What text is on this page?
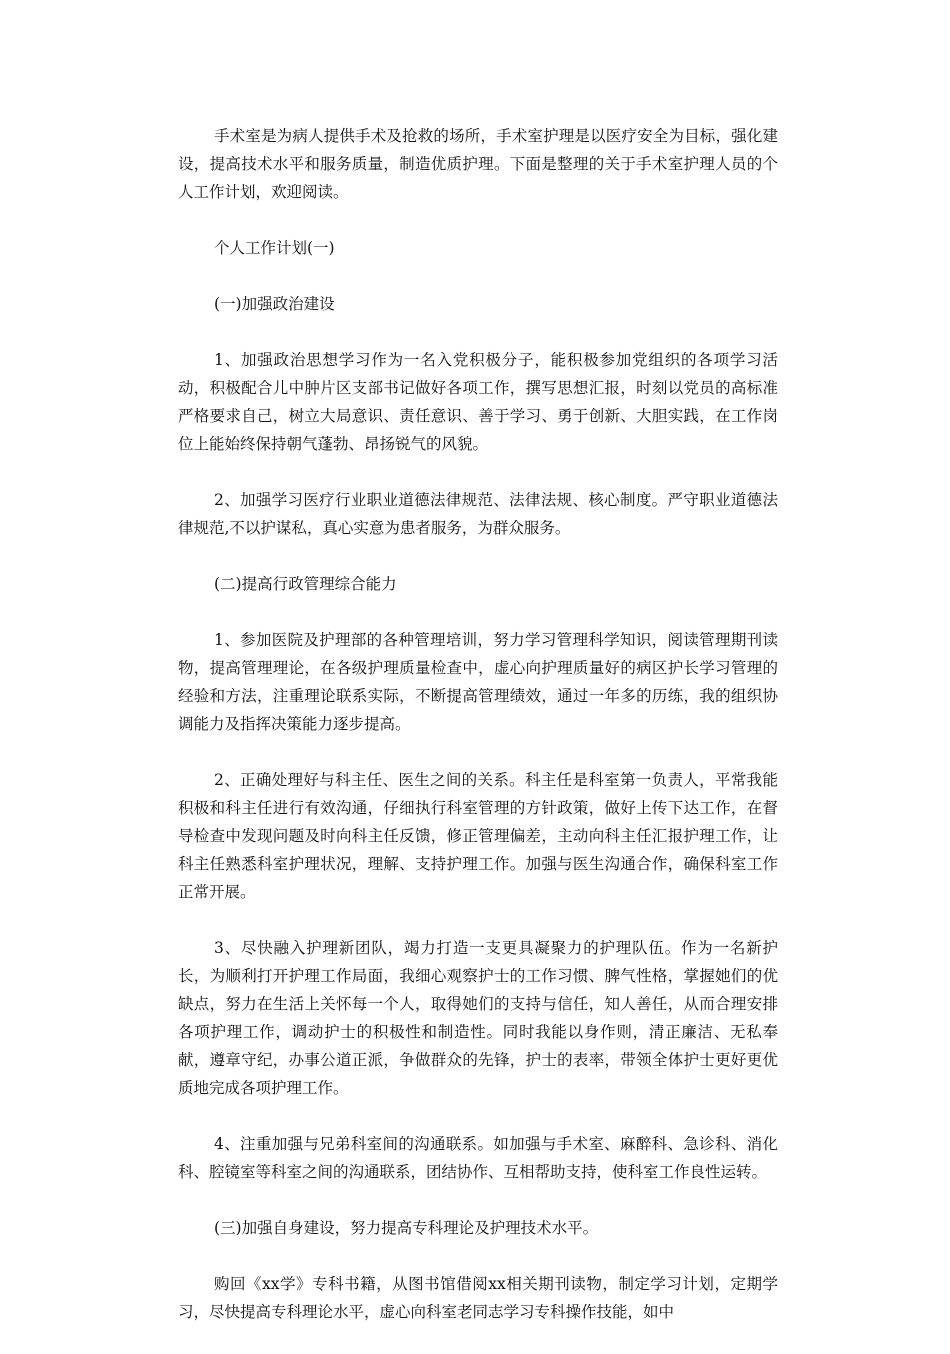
手术室是为病人提供手术及抢救的场所，手术室护理是以医疗安全为目标，强化建设，提高技术水平和服务质量，制造优质护理。下面是整理的关于手术室护理人员的个人工作计划，欢迎阅读。

个人工作计划(一)

(一)加强政治建设

1、加强政治思想学习作为一名入党积极分子，能积极参加党组织的各项学习活动，积极配合儿中肿片区支部书记做好各项工作，撰写思想汇报，时刻以党员的高标准严格要求自己，树立大局意识、责任意识、善于学习、勇于创新、大胆实践，在工作岗位上能始终保持朝气蓬勃、昂扬锐气的风貌。

2、加强学习医疗行业职业道德法律规范、法律法规、核心制度。严守职业道德法律规范,不以护谋私，真心实意为患者服务，为群众服务。

(二)提高行政管理综合能力

1、参加医院及护理部的各种管理培训，努力学习管理科学知识，阅读管理期刊读物，提高管理理论，在各级护理质量检查中，虚心向护理质量好的病区护长学习管理的经验和方法，注重理论联系实际，不断提高管理绩效，通过一年多的历练，我的组织协调能力及指挥决策能力逐步提高。

2、正确处理好与科主任、医生之间的关系。科主任是科室第一负责人，平常我能积极和科主任进行有效沟通，仔细执行科室管理的方针政策，做好上传下达工作，在督导检查中发现问题及时向科主任反馈，修正管理偏差，主动向科主任汇报护理工作，让科主任熟悉科室护理状况，理解、支持护理工作。加强与医生沟通合作，确保科室工作正常开展。

3、尽快融入护理新团队，竭力打造一支更具凝聚力的护理队伍。作为一名新护长，为顺利打开护理工作局面，我细心观察护士的工作习惯、脾气性格，掌握她们的优缺点，努力在生活上关怀每一个人，取得她们的支持与信任，知人善任，从而合理安排各项护理工作，调动护士的积极性和制造性。同时我能以身作则，清正廉洁、无私奉献，遵章守纪，办事公道正派，争做群众的先锋，护士的表率，带领全体护士更好更优质地完成各项护理工作。

4、注重加强与兄弟科室间的沟通联系。如加强与手术室、麻醉科、急诊科、消化科、腔镜室等科室之间的沟通联系，团结协作、互相帮助支持，使科室工作良性运转。

(三)加强自身建设，努力提高专科理论及护理技术水平。

购回《xx学》专科书籍，从图书馆借阅xx相关期刊读物，制定学习计划，定期学习，尽快提高专科理论水平，虚心向科室老同志学习专科操作技能，如中
